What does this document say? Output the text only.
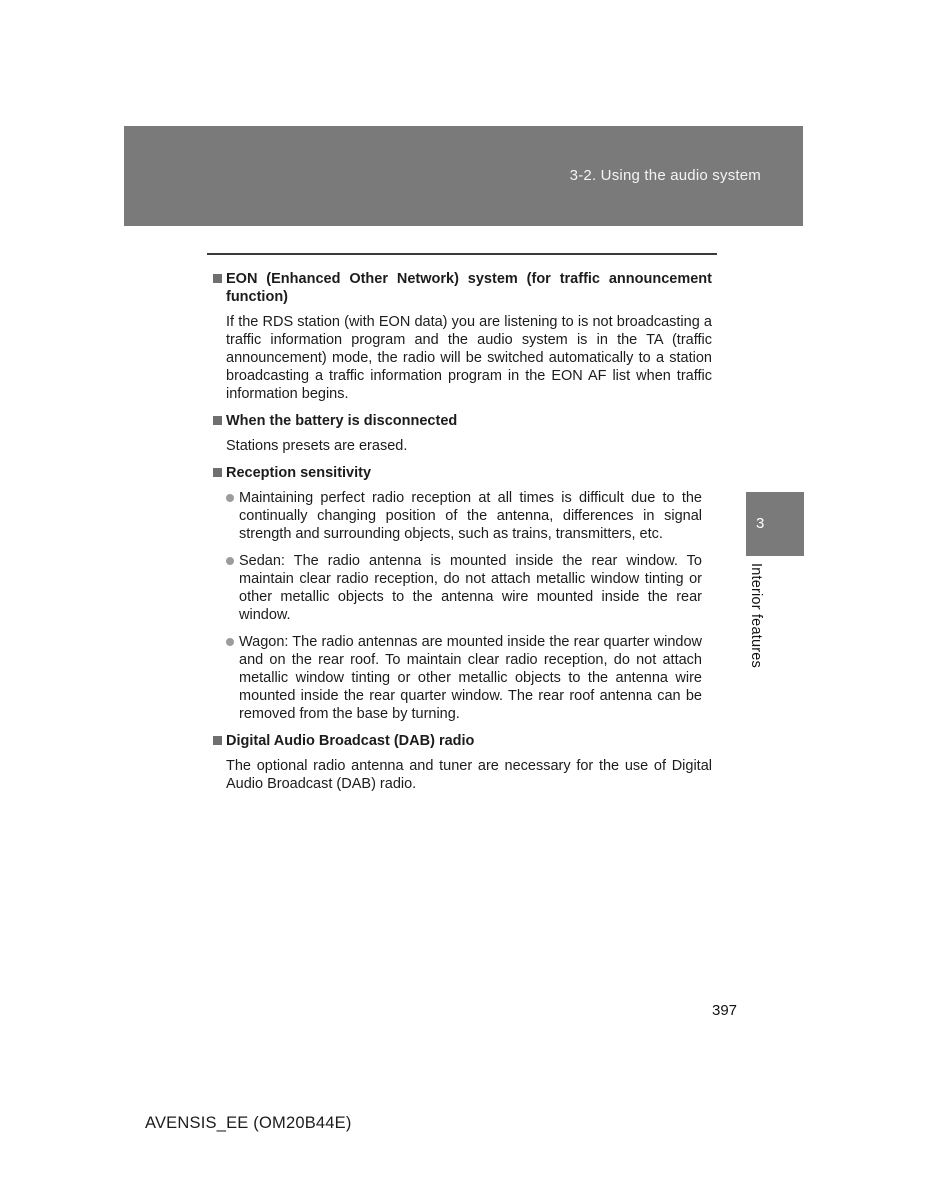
3-2. Using the audio system
EON (Enhanced Other Network) system (for traffic announcement function)

If the RDS station (with EON data) you are listening to is not broadcasting a traffic information program and the audio system is in the TA (traffic announcement) mode, the radio will be switched automatically to a station broadcasting a traffic information program in the EON AF list when traffic information begins.

When the battery is disconnected

Stations presets are erased.

Reception sensitivity
Maintaining perfect radio reception at all times is difficult due to the continually changing position of the antenna, differences in signal strength and surrounding objects, such as trains, transmitters, etc.
Sedan: The radio antenna is mounted inside the rear window. To maintain clear radio reception, do not attach metallic window tinting or other metallic objects to the antenna wire mounted inside the rear window.
Wagon: The radio antennas are mounted inside the rear quarter window and on the rear roof. To maintain clear radio reception, do not attach metallic window tinting or other metallic objects to the antenna wire mounted inside the rear quarter window. The rear roof antenna can be removed from the base by turning.
Digital Audio Broadcast (DAB) radio

The optional radio antenna and tuner are necessary for the use of Digital Audio Broadcast (DAB) radio.

3
Interior features
397
AVENSIS_EE (OM20B44E)
